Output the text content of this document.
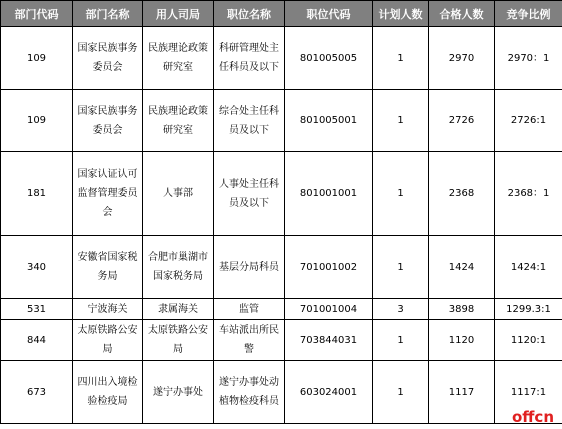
部门代码	部门名称	用人司局	职位名称	职位代码	计划人数	合格人数	竞争比例
109	国家民族事务委员会	民族理论政策研究室	科研管理处主任科员及以下	801005005	1	2970	2970：1
109	国家民族事务委员会	民族理论政策研究室	综合处主任科员及以下	801005001	1	2726	2726:1
181	国家认证认可监督管理委员会	人事部	人事处主任科员及以下	801001001	1	2368	2368：1
340	安徽省国家税务局	合肥市巢湖市国家税务局	基层分局科员	701001002	1	1424	1424:1
531	宁波海关	隶属海关	监管	701001004	3	3898	1299.3:1
844	太原铁路公安局	太原铁路公安局	车站派出所民警	703844031	1	1120	1120:1
673	四川出入境检验检疫局	遂宁办事处	遂宁办事处动植物检疫科员	603024001	1	1117	1117:1
offcn
